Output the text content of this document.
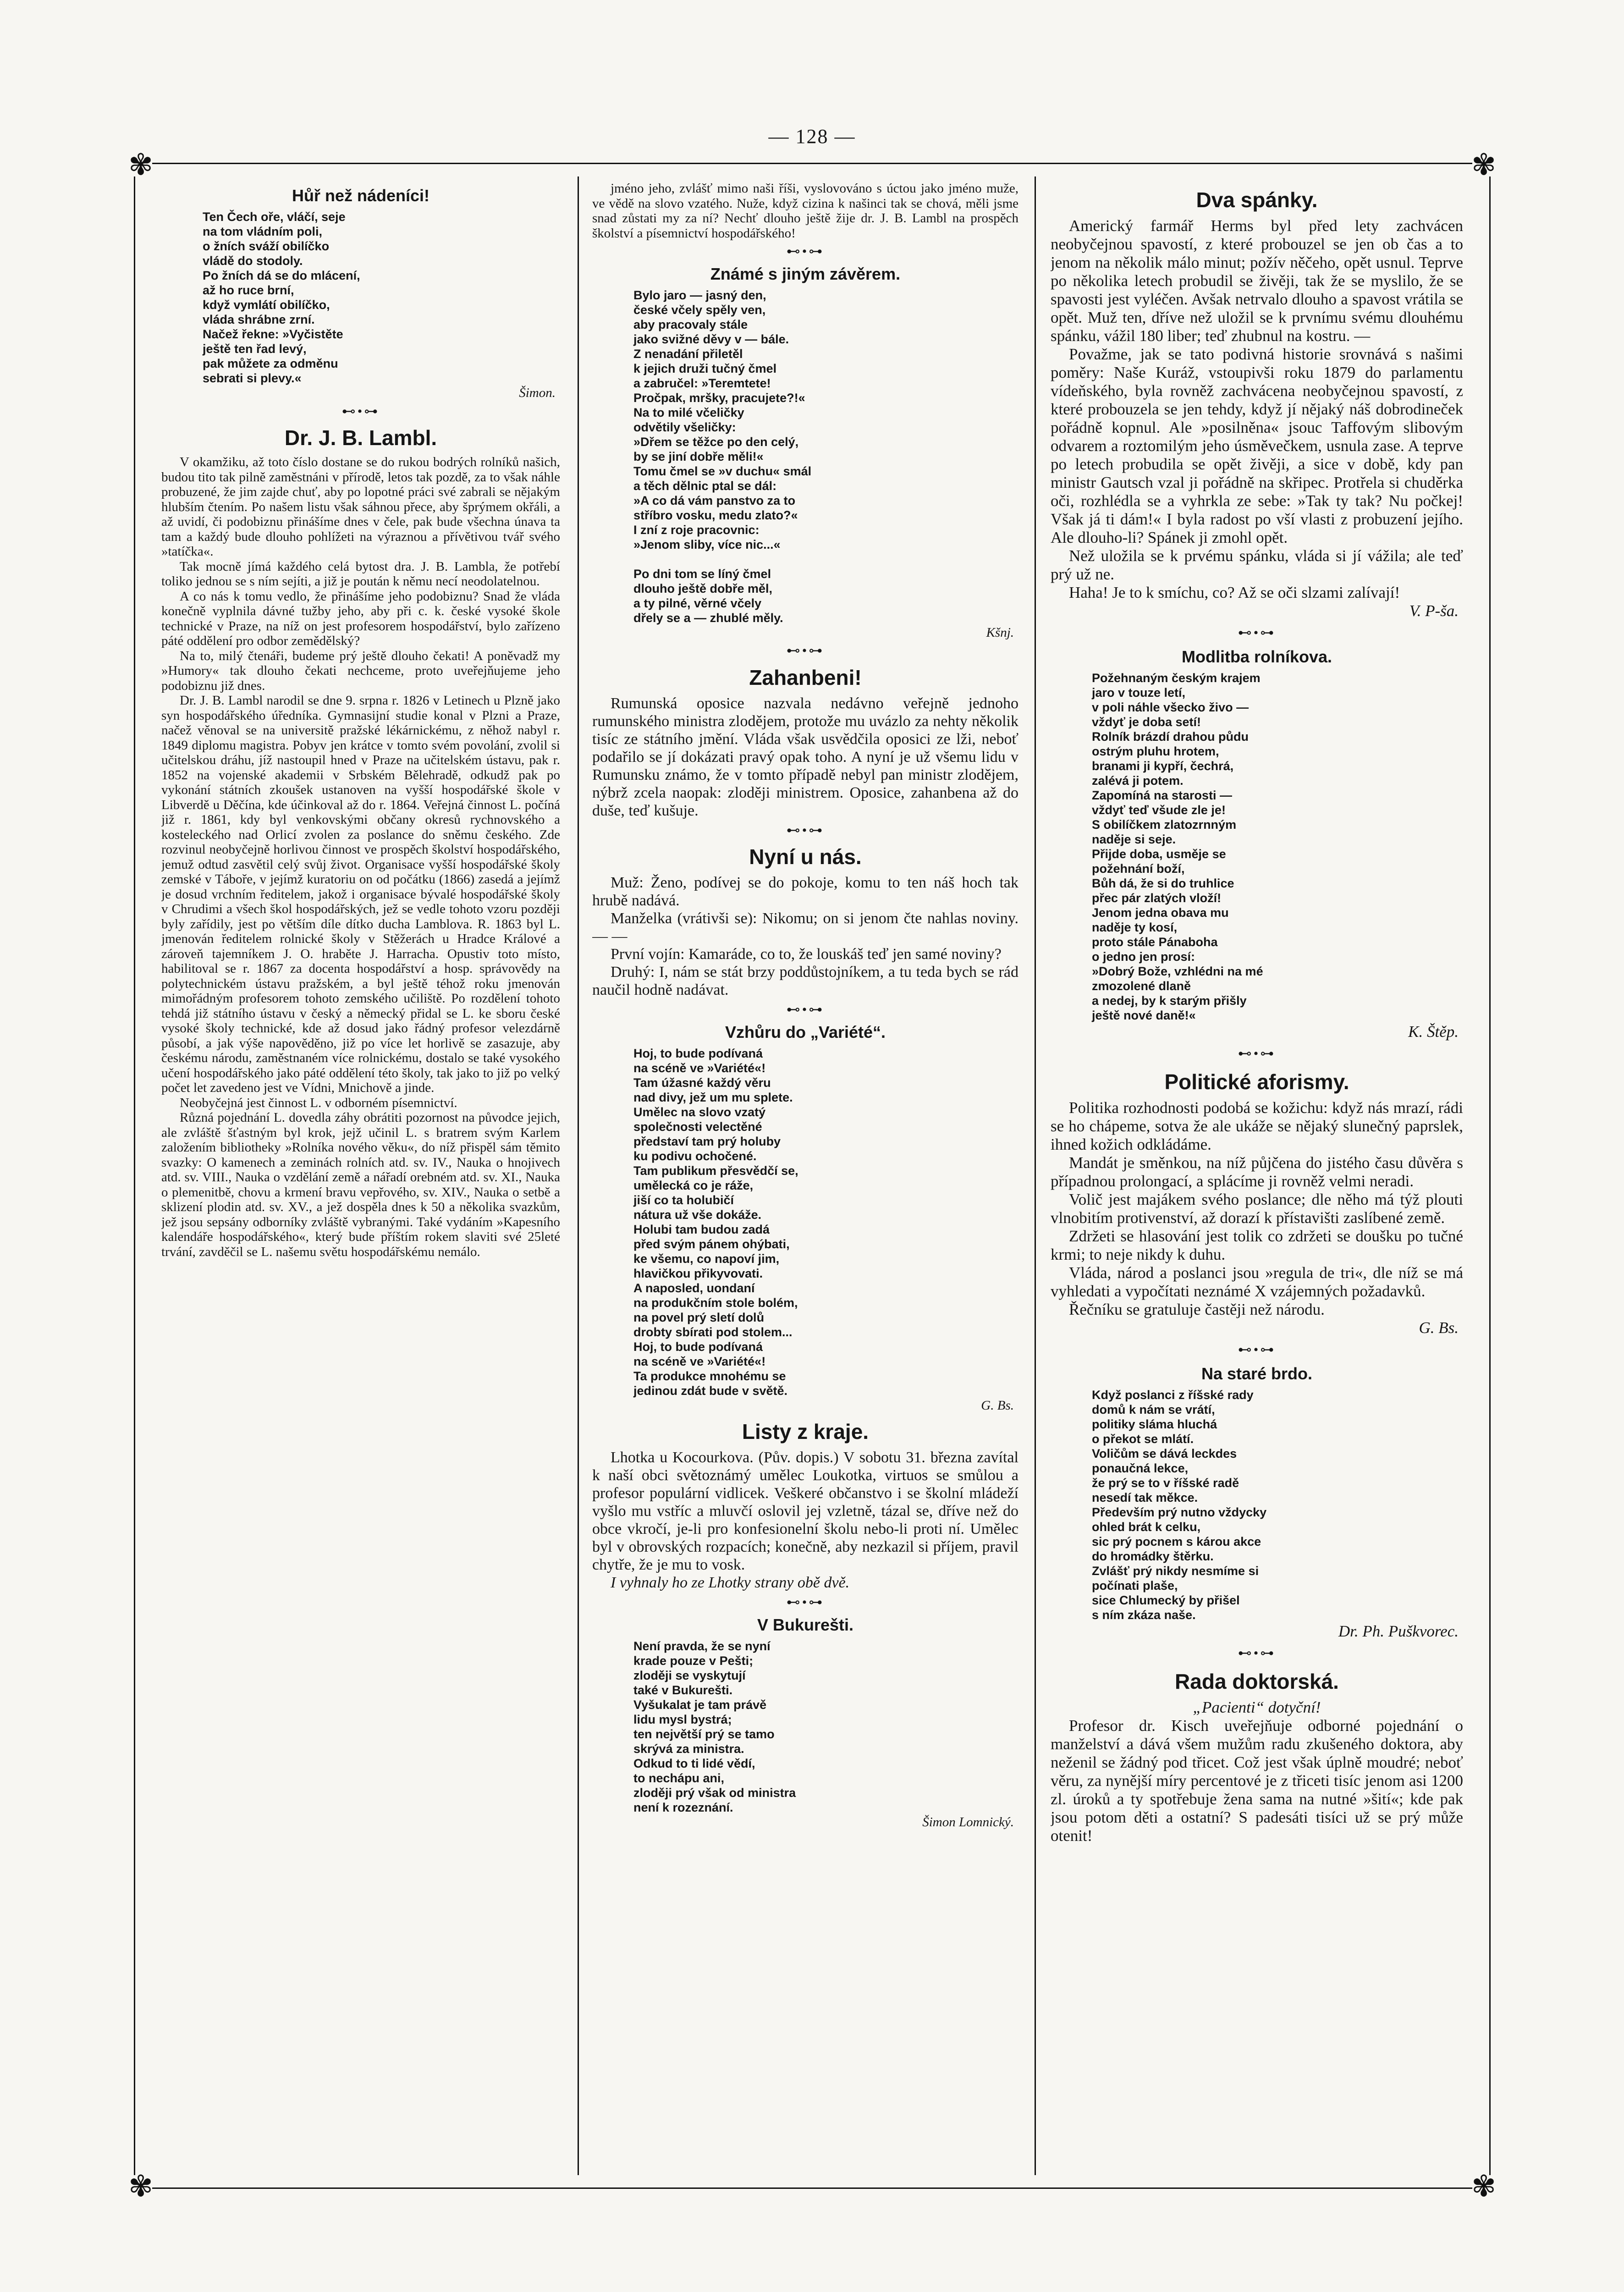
— 128 —
✾	✾
✾	✾
Hůř než nádeníci!
Ten Čech oře, vláčí, seje
na tom vládním poli,
o žních sváží obilíčko
vládě do stodoly.
Po žních dá se do mlácení,
až ho ruce brní,
když vymlátí obilíčko,
vláda shrábne zrní.
Načež řekne: »Vyčistěte
ještě ten řad levý,
pak můžete za odměnu
sebrati si plevy.«
Šimon.
⊷•⊶
Dr. J. B. Lambl.

V okamžiku, až toto číslo dostane se do rukou bodrých rolníků našich, budou tito tak pilně zaměstnáni v přírodě, letos tak pozdě, za to však náhle probuzené, že jim zajde chuť, aby po lopotné práci své zabrali se nějakým hlubším čtením. Po našem listu však sáhnou přece, aby šprýmem okřáli, a až uvidí, či podobiznu přinášíme dnes v čele, pak bude všechna únava ta tam a každý bude dlouho pohlížeti na výraznou a přívětivou tvář svého »tatíčka«.

Tak mocně jímá každého celá bytost dra. J. B. Lambla, že potřebí toliko jednou se s ním sejíti, a již je poután k němu necí neodolatelnou.

A co nás k tomu vedlo, že přinášíme jeho podobiznu? Snad že vláda konečně vyplnila dávné tužby jeho, aby při c. k. české vysoké škole technické v Praze, na níž on jest profesorem hospodářství, bylo zařízeno páté oddělení pro odbor zemědělský?

Na to, milý čtenáři, budeme prý ještě dlouho čekati! A poněvadž my »Humory« tak dlouho čekati nechceme, proto uveřejňujeme jeho podobiznu již dnes.

Dr. J. B. Lambl narodil se dne 9. srpna r. 1826 v Letinech u Plzně jako syn hospodářského úředníka. Gymnasijní studie konal v Plzni a Praze, načež věnoval se na universitě pražské lékárnickému, z něhož nabyl r. 1849 diplomu magistra. Pobyv jen krátce v tomto svém povolání, zvolil si učitelskou dráhu, jíž nastoupil hned v Praze na učitelském ústavu, pak r. 1852 na vojenské akademii v Srbském Bělehradě, odkudž pak po vykonání státních zkoušek ustanoven na vyšší hospodářské škole v Libverdě u Děčína, kde účinkoval až do r. 1864. Veřejná činnost L. počíná již r. 1861, kdy byl venkovskými občany okresů rychnovského a kosteleckého nad Orlicí zvolen za poslance do sněmu českého. Zde rozvinul neobyčejně horlivou činnost ve prospěch školství hospodářského, jemuž odtud zasvětil celý svůj život. Organisace vyšší hospodářské školy zemské v Táboře, v jejímž kuratoriu on od počátku (1866) zasedá a jejímž je dosud vrchním ředitelem, jakož i organisace bývalé hospodářské školy v Chrudimi a všech škol hospodářských, jež se vedle tohoto vzoru později byly zařídily, jest po větším díle dítko ducha Lamblova. R. 1863 byl L. jmenován ředitelem rolnické školy v Stěžerách u Hradce Králové a zároveň tajemníkem J. O. hraběte J. Harracha. Opustiv toto místo, habilitoval se r. 1867 za docenta hospodářství a hosp. správovědy na polytechnickém ústavu pražském, a byl ještě téhož roku jmenován mimořádným profesorem tohoto zemského učiliště. Po rozdělení tohoto tehdá již státního ústavu v český a německý přidal se L. ke sboru české vysoké školy technické, kde až dosud jako řádný profesor velezdárně působí, a jak výše napověděno, již po více let horlivě se zasazuje, aby českému národu, zaměstnaném více rolnickému, dostalo se také vysokého učení hospodářského jako páté oddělení této školy, tak jako to již po velký počet let zavedeno jest ve Vídni, Mnichově a jinde.

Neobyčejná jest činnost L. v odborném písemnictví.

Různá pojednání L. dovedla záhy obrátiti pozornost na původce jejich, ale zvláště šťastným byl krok, jejž učinil L. s bratrem svým Karlem založením bibliotheky »Rolníka nového věku«, do níž přispěl sám těmito svazky: O kamenech a zeminách rolních atd. sv. IV., Nauka o hnojivech atd. sv. VIII., Nauka o vzdělání země a nářadí orebném atd. sv. XI., Nauka o plemenitbě, chovu a krmení bravu vepřového, sv. XIV., Nauka o setbě a sklizení plodin atd. sv. XV., a jež dospěla dnes k 50 a několika svazkům, jež jsou sepsány odborníky zvláště vybranými. Také vydáním »Kapesního kalendáře hospodářského«, který bude příštím rokem slaviti své 25leté trvání, zavděčil se L. našemu světu hospodářskému nemálo.

jméno jeho, zvlášť mimo naši říši, vyslovováno s úctou jako jméno muže, ve vědě na slovo vzatého. Nuže, když cizina k našinci tak se chová, měli jsme snad zůstati my za ní? Nechť dlouho ještě žije dr. J. B. Lambl na prospěch školství a písemnictví hospodářského!

⊷•⊶
Známé s jiným závěrem.
Bylo jaro — jasný den,
české včely spěly ven,
aby pracovaly stále
jako svižné děvy v — bále.
Z nenadání přiletěl
k jejich druži tučný čmel
a zabručel: »Teremtete!
Pročpak, mršky, pracujete?!«
Na to milé včeličky
odvětily všeličky:
»Dřem se těžce po den celý,
by se jiní dobře měli!«
Tomu čmel se »v duchu« smál
a těch dělnic ptal se dál:
»A co dá vám panstvo za to
stříbro vosku, medu zlato?«
I zní z roje pracovnic:
»Jenom sliby, více nic...«

Po dni tom se líný čmel
dlouho ještě dobře měl,
a ty pilné, věrné včely
dřely se a — zhublé měly.
Kšnj.
⊷•⊶
Zahanbeni!

Rumunská oposice nazvala nedávno veřejně jednoho rumunského ministra zlodějem, protože mu uvázlo za nehty několik tisíc ze státního jmění. Vláda však usvědčila oposici ze lži, neboť podařilo se jí dokázati pravý opak toho. A nyní je už všemu lidu v Rumunsku známo, že v tomto případě nebyl pan ministr zlodějem, nýbrž zcela naopak: zloději ministrem. Oposice, zahanbena až do duše, teď kušuje.

⊷•⊶
Nyní u nás.

Muž: Ženo, podívej se do pokoje, komu to ten náš hoch tak hrubě nadává.

Manželka (vrátivši se): Nikomu; on si jenom čte nahlas noviny. — —

První vojín: Kamaráde, co to, že louskáš teď jen samé noviny?

Druhý: I, nám se stát brzy poddůstojníkem, a tu teda bych se rád naučil hodně nadávat.

⊷•⊶
Vzhůru do „Variété“.
Hoj, to bude podívaná
na scéně ve »Variété«!
Tam úžasné každý věru
nad divy, jež um mu splete.
Umělec na slovo vzatý
společnosti velectěné
představí tam prý holuby
ku podivu ochočené.
Tam publikum přesvědčí se,
umělecká co je ráže,
jiší co ta holubičí
nátura už vše dokáže.
Holubi tam budou zadá
před svým pánem ohýbati,
ke všemu, co napoví jim,
hlavičkou přikyvovati.
A naposled, uondaní
na produkčním stole bolém,
na povel prý sletí dolů
drobty sbírati pod stolem...
Hoj, to bude podívaná
na scéně ve »Variété«!
Ta produkce mnohému se
jedinou zdát bude v světě.
G. Bs.
Listy z kraje.

Lhotka u Kocourkova. (Pův. dopis.) V sobotu 31. března zavítal k naší obci světoznámý umělec Loukotka, virtuos se smůlou a profesor populární vidlicek. Veškeré občanstvo i se školní mládeží vyšlo mu vstříc a mluvčí oslovil jej vzletně, tázal se, dříve než do obce vkročí, je-li pro konfesionelní školu nebo-li proti ní. Umělec byl v obrovských rozpacích; konečně, aby nezkazil si příjem, pravil chytře, že je mu to vosk.

I vyhnaly ho ze Lhotky strany obě dvě.

⊷•⊶
V Bukurešti.
Není pravda, že se nyní
krade pouze v Pešti;
zloději se vyskytují
také v Bukurešti.
Vyšukalat je tam právě
lidu mysl bystrá;
ten největší prý se tamo
skrývá za ministra.
Odkud to ti lidé vědí,
to nechápu ani,
zloději prý však od ministra
není k rozeznání.
Šimon Lomnický.
Dva spánky.

Americký farmář Herms byl před lety zachvácen neobyčejnou spavostí, z které probouzel se jen ob čas a to jenom na několik málo minut; požív něčeho, opět usnul. Teprve po několika letech probudil se živěji, tak že se myslilo, že se spavosti jest vyléčen. Avšak netrvalo dlouho a spavost vrátila se opět. Muž ten, dříve než uložil se k prvnímu svému dlouhému spánku, vážil 180 liber; teď zhubnul na kostru. —

Považme, jak se tato podivná historie srovnává s našimi poměry: Naše Kuráž, vstoupivši roku 1879 do parlamentu vídeňského, byla rovněž zachvácena neobyčejnou spavostí, z které probouzela se jen tehdy, když jí nějaký náš dobrodineček pořádně kopnul. Ale »posilněna« jsouc Taffovým slibovým odvarem a roztomilým jeho úsměvečkem, usnula zase. A teprve po letech probudila se opět živěji, a sice v době, kdy pan ministr Gautsch vzal ji pořádně na skřipec. Protřela si chuděrka oči, rozhlédla se a vyhrkla ze sebe: »Tak ty tak? Nu počkej! Však já ti dám!« I byla radost po vší vlasti z probuzení jejího. Ale dlouho-li? Spánek ji zmohl opět.

Než uložila se k prvému spánku, vláda si jí vážila; ale teď prý už ne.

Haha! Je to k smíchu, co? Až se oči slzami zalívají!

V. P-ša.
⊷•⊶
Modlitba rolníkova.
Požehnaným českým krajem
jaro v touze letí,
v poli náhle všecko živo —
vždyť je doba setí!
Rolník brázdí drahou půdu
ostrým pluhu hrotem,
branami ji kypří, čechrá,
zalévá ji potem.
Zapomíná na starosti —
vždyť teď všude zle je!
S obilíčkem zlatozrnným
naděje si seje.
Přijde doba, usměje se
požehnání boží,
Bůh dá, že si do truhlice
přec pár zlatých vloží!
Jenom jedna obava mu
naděje ty kosí,
proto stále Pánaboha
o jedno jen prosí:
»Dobrý Bože, vzhlédni na mé
zmozolené dlaně
a nedej, by k starým přišly
ještě nové daně!«
K. Štěp.
⊷•⊶
Politické aforismy.

Politika rozhodnosti podobá se kožichu: když nás mrazí, rádi se ho chápeme, sotva že ale ukáže se nějaký slunečný paprslek, ihned kožich odkládáme.

Mandát je směnkou, na níž půjčena do jistého času důvěra s případnou prolongací, a splácíme ji rovněž velmi neradi.

Volič jest majákem svého poslance; dle něho má týž plouti vlnobitím protivenství, až dorazí k přístavišti zaslíbené země.

Zdržeti se hlasování jest tolik co zdržeti se doušku po tučné krmi; to neje nikdy k duhu.

Vláda, národ a poslanci jsou »regula de tri«, dle níž se má vyhledati a vypočítati neznámé X vzájemných požadavků.

Řečníku se gratuluje častěji než národu.

G. Bs.
⊷•⊶
Na staré brdo.
Když poslanci z říšské rady
domů k nám se vrátí,
politiky sláma hluchá
o překot se mlátí.
Voličům se dává leckdes
ponaučná lekce,
že prý se to v říšské radě
nesedí tak měkce.
Především prý nutno vždycky
ohled brát k celku,
sic prý pocnem s károu akce
do hromádky štěrku.
Zvlášť prý nikdy nesmíme si
počínati plaše,
sice Chlumecký by přišel
s ním zkáza naše.
Dr. Ph. Puškvorec.
⊷•⊶
Rada doktorská.
„Pacienti“ dotyční!

Profesor dr. Kisch uveřejňuje odborné pojednání o manželství a dává všem mužům radu zkušeného doktora, aby neženil se žádný pod třicet. Což jest však úplně moudré; neboť věru, za nynější míry percentové je z třiceti tisíc jenom asi 1200 zl. úroků a ty spotřebuje žena sama na nutné »šití«; kde pak jsou potom děti a ostatní? S padesáti tisíci už se prý může otenit!
